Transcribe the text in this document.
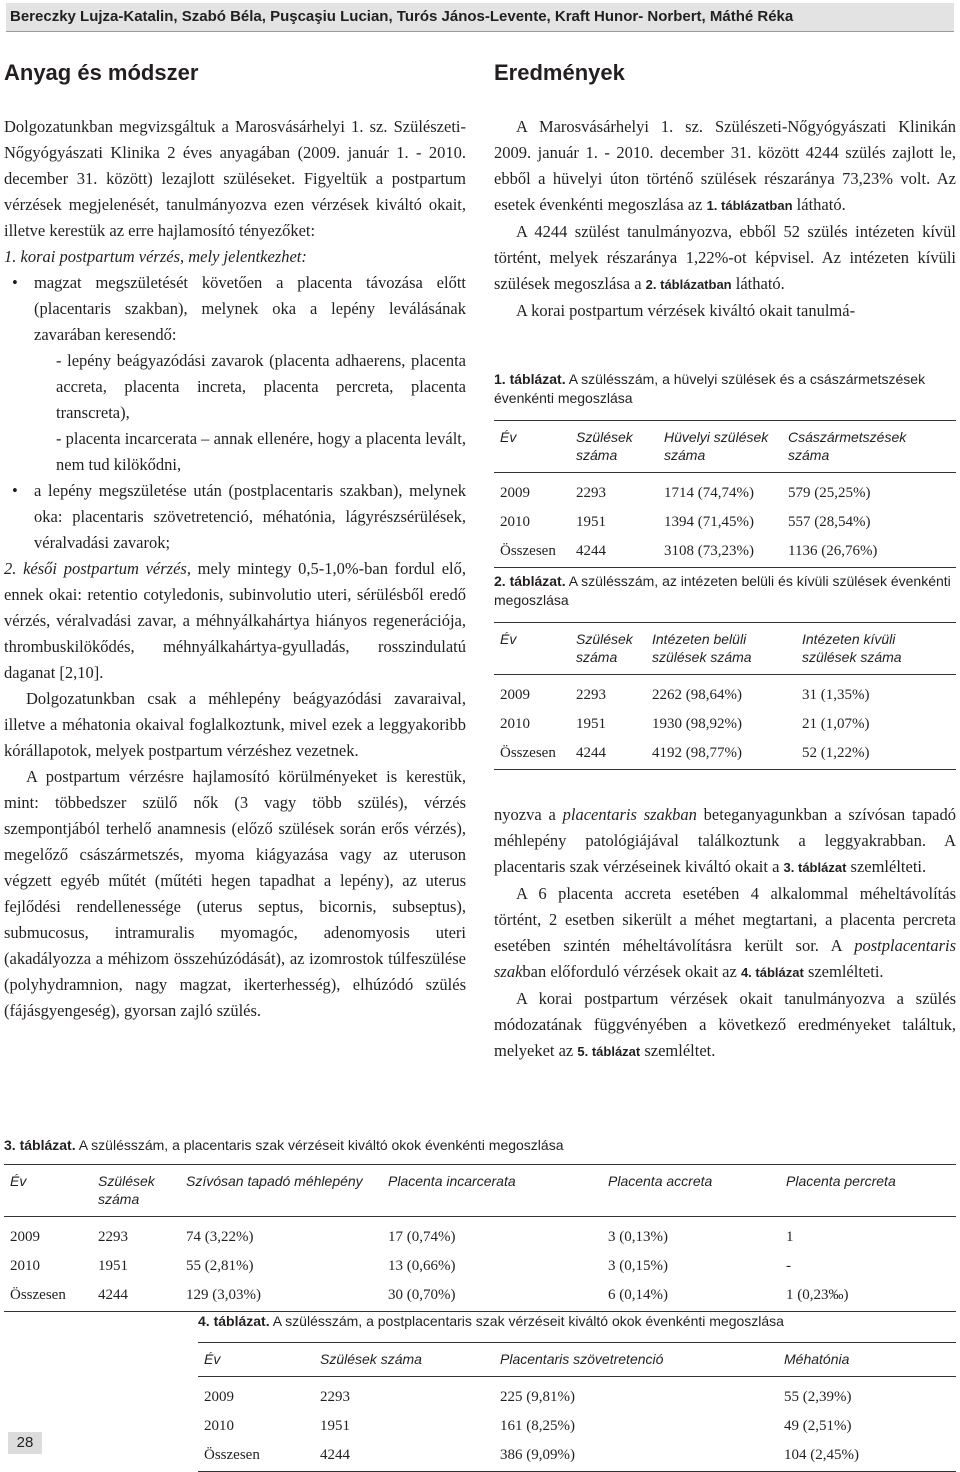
Bereczky Lujza-Katalin, Szabó Béla, Puşcaşiu Lucian, Turós János-Levente, Kraft Hunor- Norbert, Máthé Réka
Anyag és módszer

Dolgozatunkban megvizsgáltuk a Marosvásárhelyi 1. sz. Szülészeti-Nőgyógyászati Klinika 2 éves anyagában (2009. január 1. - 2010. december 31. között) lezajlott szüléseket. Figyeltük a postpartum vérzések megjelenését, tanulmányozva ezen vérzések kiváltó okait, illetve kerestük az erre hajlamosító tényezőket:

1. korai postpartum vérzés, mely jelentkezhet:

• magzat megszületését követően a placenta távozása előtt (placentaris szakban), melynek oka a lepény leválásának zavarában keresendő:
- lepény beágyazódási zavarok (placenta adhaerens, placenta accreta, placenta increta, placenta percreta, placenta transcreta),
- placenta incarcerata – annak ellenére, hogy a placenta levált, nem tud kilökődni,
• a lepény megszületése után (postplacentaris szakban), melynek oka: placentaris szövetretenció, méhatónia, lágyrészsérülések, véralvadási zavarok;

2. késői postpartum vérzés, mely mintegy 0,5-1,0%-ban fordul elő, ennek okai: retentio cotyledonis, subinvolutio uteri, sérülésből eredő vérzés, véralvadási zavar, a méhnyálkahártya hiányos regenerációja, thrombuskilökődés, méhnyálkahártya-gyulladás, rosszindulatú daganat [2,10].

Dolgozatunkban csak a méhlepény beágyazódási zavaraival, illetve a méhatonia okaival foglalkoztunk, mivel ezek a leggyakoribb kórállapotok, melyek postpartum vérzéshez vezetnek.

A postpartum vérzésre hajlamosító körülményeket is kerestük, mint: többedszer szülő nők (3 vagy több szülés), vérzés szempontjából terhelő anamnesis (előző szülések során erős vérzés), megelőző császármetszés, myoma kiágyazása vagy az uteruson végzett egyéb műtét (műtéti hegen tapadhat a lepény), az uterus fejlődési rendellenessége (uterus septus, bicornis, subseptus), submucosus, intramuralis myomagóc, adenomyosis uteri (akadályozza a méhizom összehúzódását), az izomrostok túlfeszülése (polyhydramnion, nagy magzat, ikerterhesség), elhúzódó szülés (fájásgyengeség), gyorsan zajló szülés.

Eredmények

A Marosvásárhelyi 1. sz. Szülészeti-Nőgyógyászati Klinikán 2009. január 1. - 2010. december 31. között 4244 szülés zajlott le, ebből a hüvelyi úton történő szülések részaránya 73,23% volt. Az esetek évenkénti megoszlása az 1. táblázatban látható.

A 4244 szülést tanulmányozva, ebből 52 szülés intézeten kívül történt, melyek részaránya 1,22%-ot képvisel. Az intézeten kívüli szülések megoszlása a 2. táblázatban látható.

A korai postpartum vérzések kiváltó okait tanulmá-

1. táblázat. A szülésszám, a hüvelyi szülések és a császármetszések évenkénti megoszlása
Év	Szülések száma	Hüvelyi szülések száma	Császármetszések száma
2009	2293	1714 (74,74%)	579 (25,25%)
2010	1951	1394 (71,45%)	557 (28,54%)
Összesen	4244	3108 (73,23%)	1136 (26,76%)
2. táblázat. A szülésszám, az intézeten belüli és kívüli szülések évenkénti megoszlása
Év	Szülések száma	Intézeten belüli szülések száma	Intézeten kívüli szülések száma
2009	2293	2262 (98,64%)	31 (1,35%)
2010	1951	1930 (98,92%)	21 (1,07%)
Összesen	4244	4192 (98,77%)	52 (1,22%)

nyozva a placentaris szakban beteganyagunkban a szívósan tapadó méhlepény patológiájával találkoztunk a leggyakrabban. A placentaris szak vérzéseinek kiváltó okait a 3. táblázat szemlélteti.

A 6 placenta accreta esetében 4 alkalommal méheltávolítás történt, 2 esetben sikerült a méhet megtartani, a placenta percreta esetében szintén méheltávolításra került sor. A postplacentaris szakban előforduló vérzések okait az 4. táblázat szemlélteti.

A korai postpartum vérzések okait tanulmányozva a szülés módozatának függvényében a következő eredményeket találtuk, melyeket az 5. táblázat szemléltet.

3. táblázat. A szülésszám, a placentaris szak vérzéseit kiváltó okok évenkénti megoszlása
Év	Szülések száma	Szívósan tapadó méhlepény	Placenta incarcerata	Placenta accreta	Placenta percreta
2009	2293	74 (3,22%)	17 (0,74%)	3 (0,13%)	1
2010	1951	55 (2,81%)	13 (0,66%)	3 (0,15%)	-
Összesen	4244	129 (3,03%)	30 (0,70%)	6 (0,14%)	1 (0,23‰)
4. táblázat. A szülésszám, a postplacentaris szak vérzéseit kiváltó okok évenkénti megoszlása
Év	Szülések száma	Placentaris szövetretenció	Méhatónia
2009	2293	225 (9,81%)	55 (2,39%)
2010	1951	161 (8,25%)	49 (2,51%)
Összesen	4244	386 (9,09%)	104 (2,45%)
28
